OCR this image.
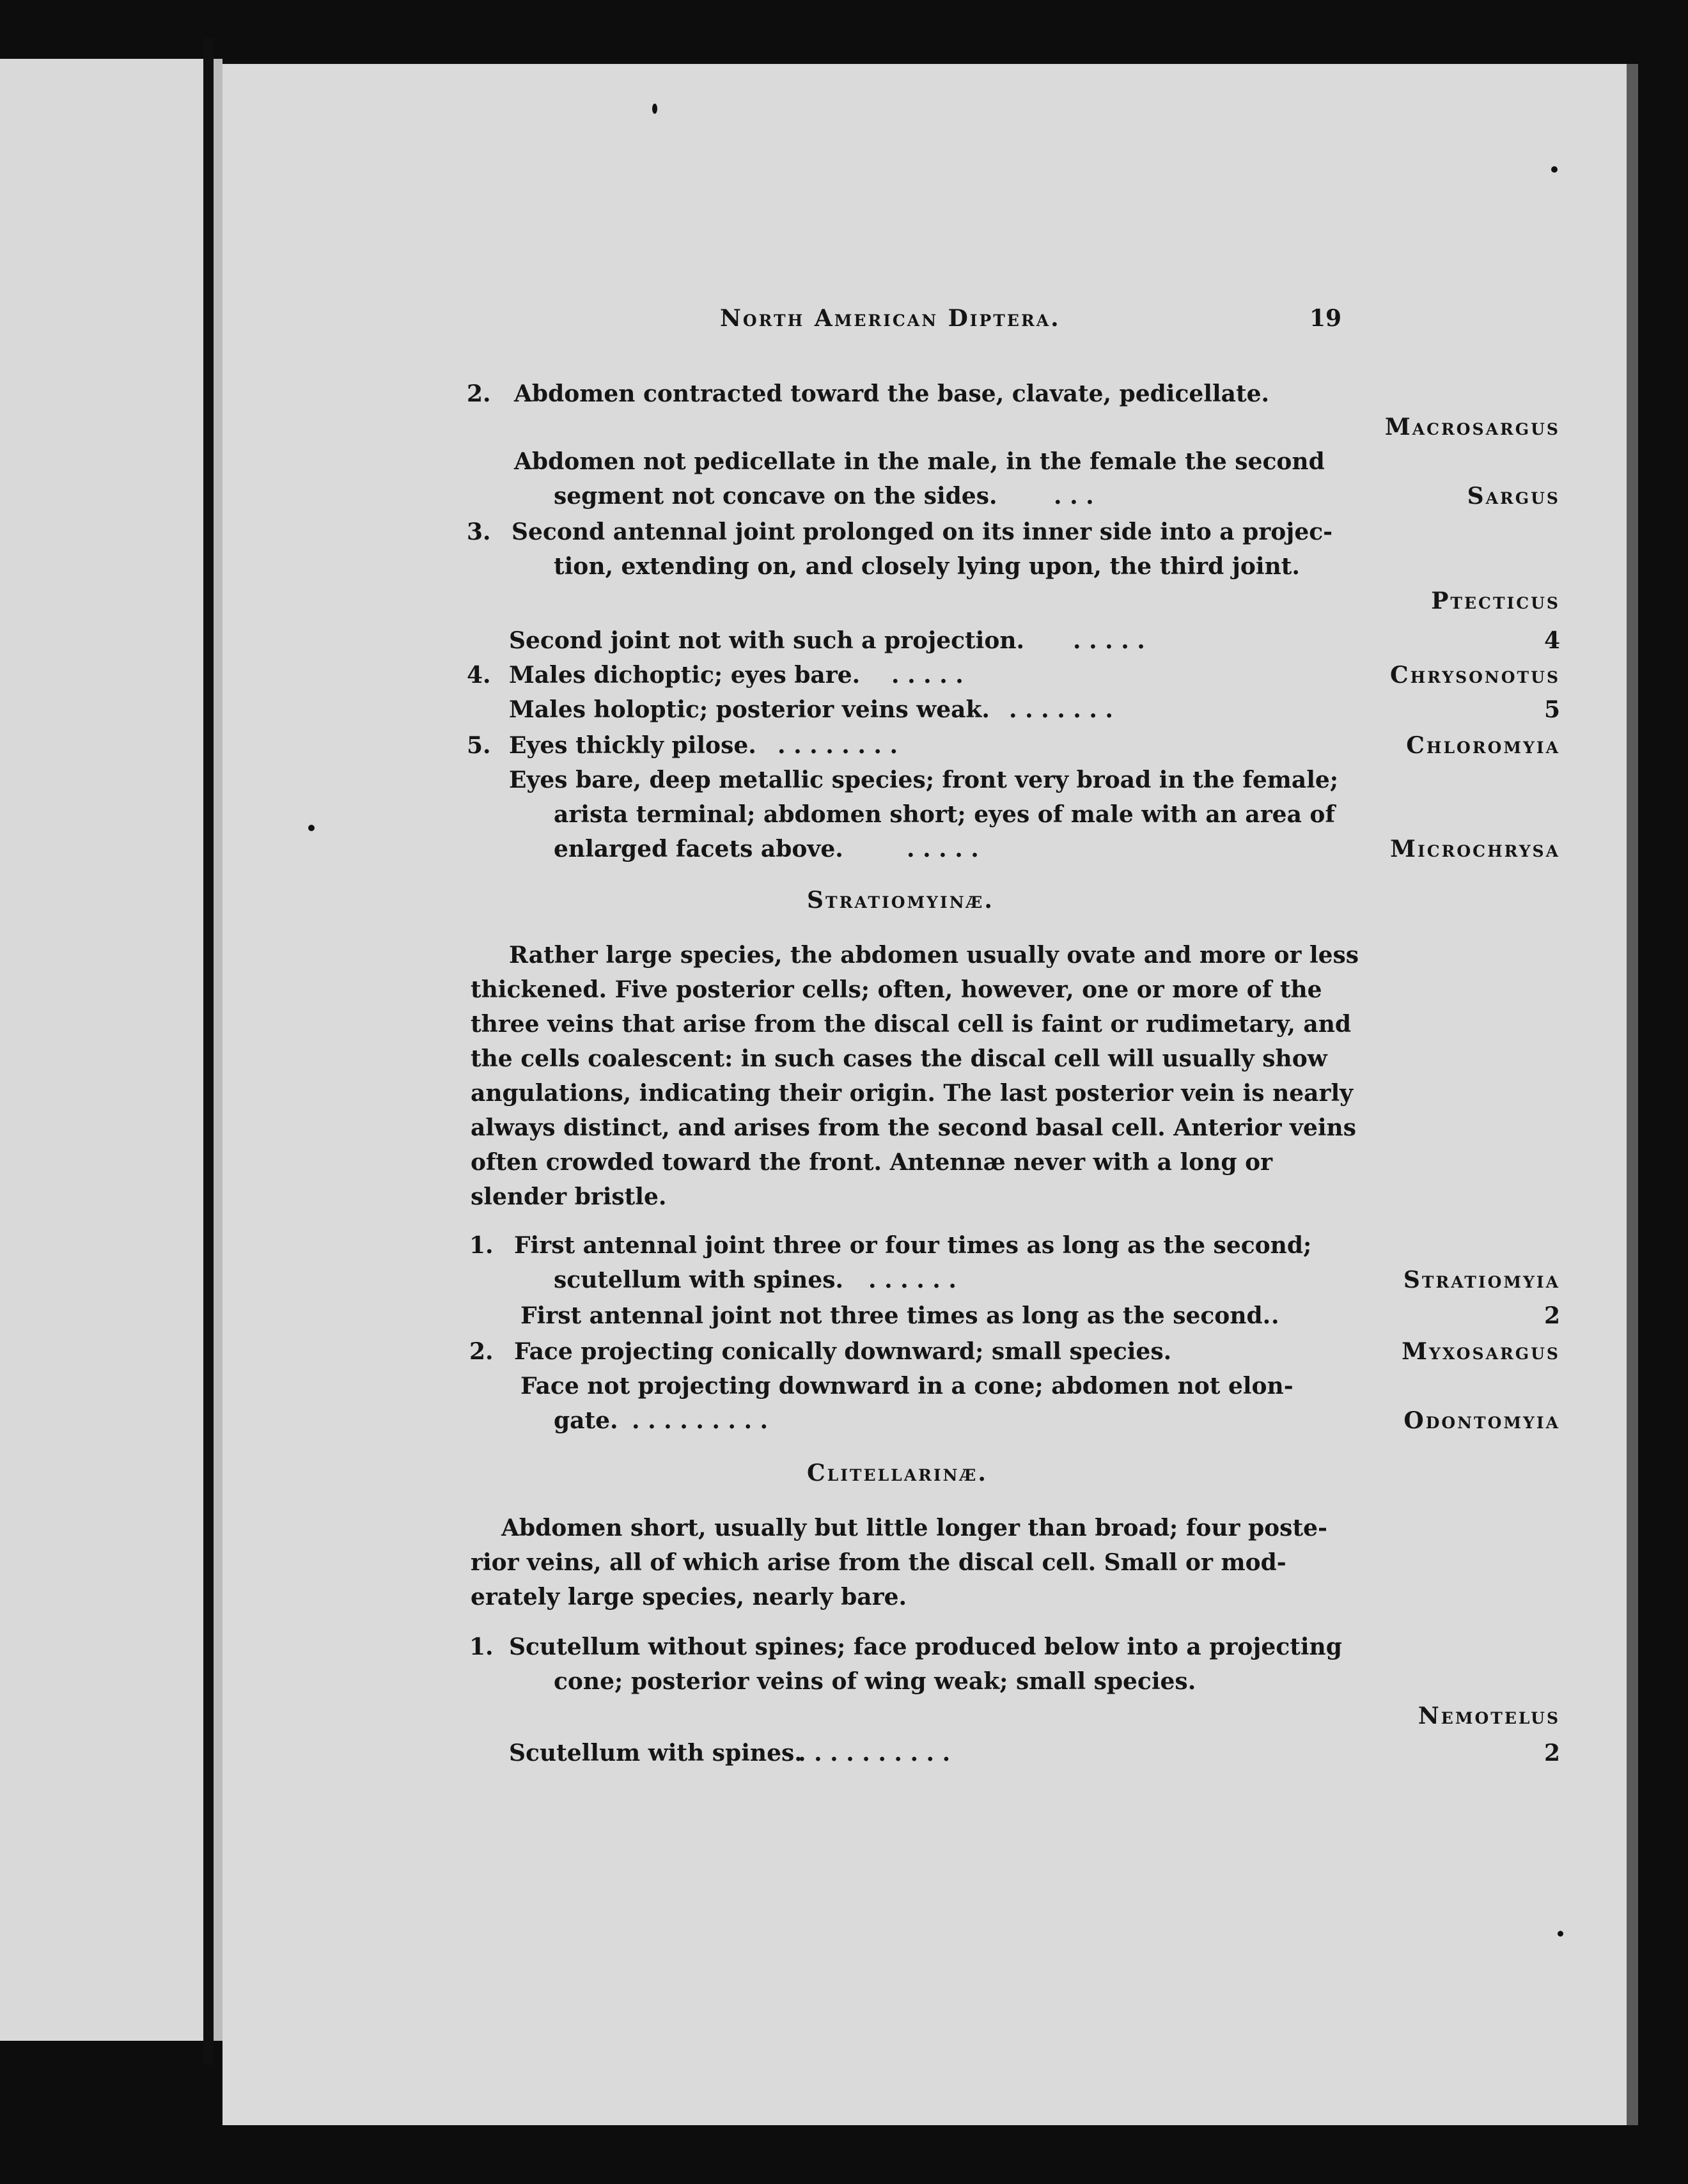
North American Diptera.	19
2. Abdomen contracted toward the base, clavate, pedicellate.
Macrosargus
Abdomen not pedicellate in the male, in the female the second
segment not concave on the sides. . . .	Sargus
3. Second antennal joint prolonged on its inner side into a projec-
tion, extending on, and closely lying upon, the third joint.
Ptecticus
Second joint not with such a projection. . . . . .	4
4. Males dichoptic; eyes bare. . . . . .	Chrysonotus
Males holoptic; posterior veins weak. . . . . . . .	5
5. Eyes thickly pilose. . . . . . . . .	Chloromyia
Eyes bare, deep metallic species; front very broad in the female;
arista terminal; abdomen short; eyes of male with an area of
enlarged facets above.	. . . . .	Microchrysa
Stratiomyinæ.
Rather large species, the abdomen usually ovate and more or less
thickened. Five posterior cells; often, however, one or more of the
three veins that arise from the discal cell is faint or rudimetary, and
the cells coalescent: in such cases the discal cell will usually show
angulations, indicating their origin. The last posterior vein is nearly
always distinct, and arises from the second basal cell. Anterior veins
often crowded toward the front. Antennæ never with a long or
slender bristle.
1. First antennal joint three or four times as long as the second;
scutellum with spines. . . . . . .	Stratiomyia
First antennal joint not three times as long as the second. .	2
2. Face projecting conically downward; small species.	Myxosargus
Face not projecting downward in a cone; abdomen not elon-
gate. . . . . . . . . .	Odontomyia
Clitellarinæ.
Abdomen short, usually but little longer than broad; four poste-
rior veins, all of which arise from the discal cell. Small or mod-
erately large species, nearly bare.
1. Scutellum without spines; face produced below into a projecting
cone; posterior veins of wing weak; small species.
Nemotelus
Scutellum with spines.
. . . . . . . . . .	2
